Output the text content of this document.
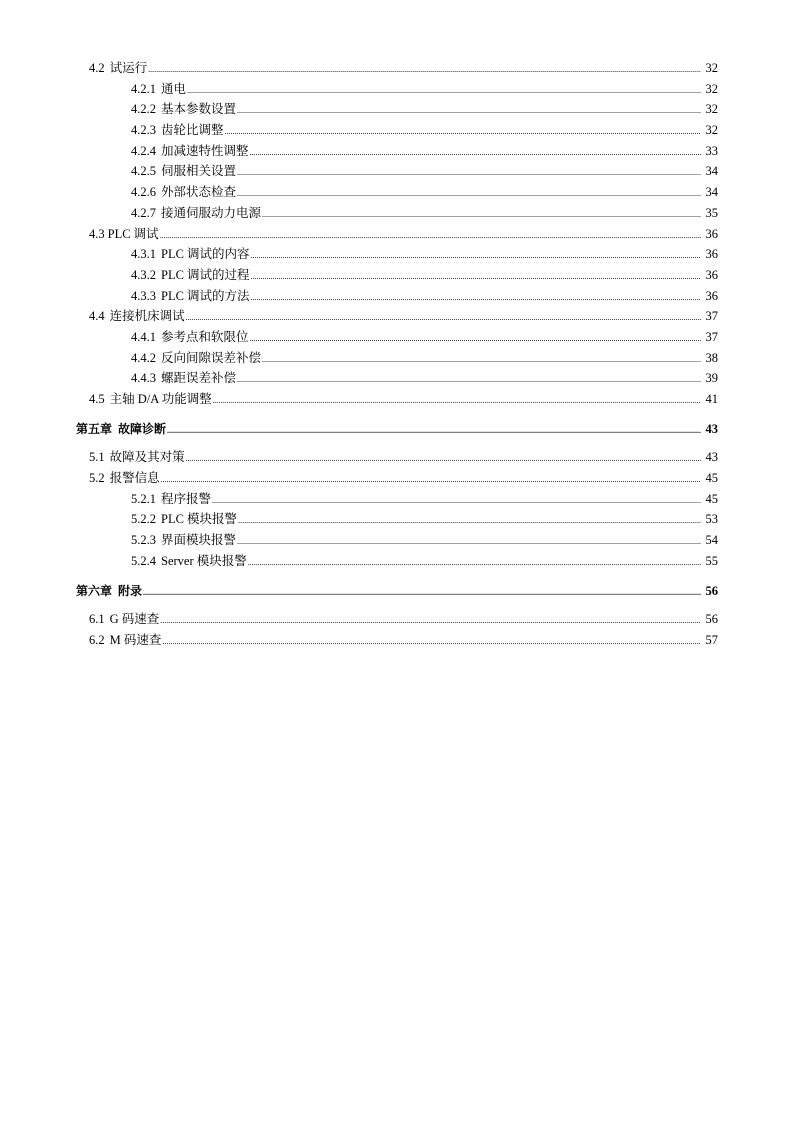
4.2 试运行 .....	32
4.2.1 通电 .....	32
4.2.2 基本参数设置 .....	32
4.2.3 齿轮比调整 .....	32
4.2.4 加减速特性调整 .....	33
4.2.5 伺服相关设置 .....	34
4.2.6 外部状态检查 .....	34
4.2.7 接通伺服动力电源 .....	35
4.3 PLC 调试 .....	36
4.3.1 PLC 调试的内容 .....	36
4.3.2 PLC 调试的过程 .....	36
4.3.3 PLC 调试的方法 .....	36
4.4 连接机床调试 .....	37
4.4.1 参考点和软限位 .....	37
4.4.2 反向间隙误差补偿 .....	38
4.4.3 螺距误差补偿 .....	39
4.5 主轴 D/A 功能调整 .....	41
第五章 故障诊断 .....	43
5.1 故障及其对策 .....	43
5.2 报警信息 .....	45
5.2.1 程序报警 .....	45
5.2.2 PLC 模块报警 .....	53
5.2.3 界面模块报警 .....	54
5.2.4 Server 模块报警 .....	55
第六章 附录 .....	56
6.1 G 码速查 .....	56
6.2 M 码速查 .....	57
